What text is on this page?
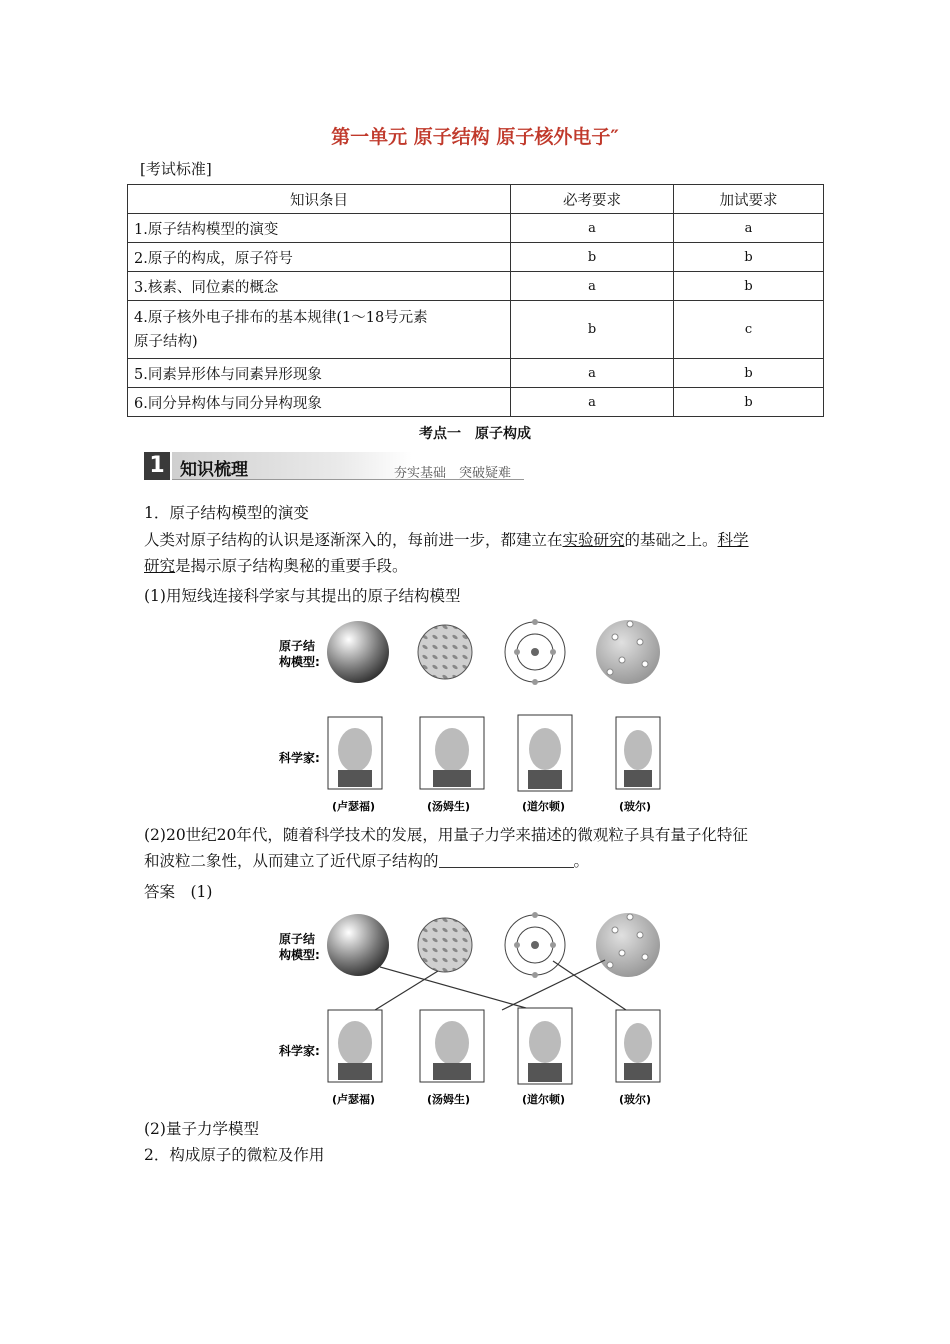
第一单元 原子结构 原子核外电子″
[考试标准]
知识条目	必考要求	加试要求
1.原子结构模型的演变	a	a
2.原子的构成，原子符号	b	b
3.核素、同位素的概念	a	b

4.原子核外电子排布的基本规律(1～18号元素
原子结构)	b	c
5.同素异形体与同素异形现象	a	b
6.同分异构体与同分异构现象	a	b
考点一　原子构成
1 知识梳理	夯实基础　突破疑难
1．原子结构模型的演变
人类对原子结构的认识是逐渐深入的，每前进一步，都建立在实验研究的基础之上。科学
研究是揭示原子结构奥秘的重要手段。
(1)用短线连接科学家与其提出的原子结构模型
原子结
构模型:
科学家:
(卢瑟福)	(汤姆生)	(道尔顿)	(玻尔)
(2)20世纪20年代，随着科学技术的发展，用量子力学来描述的微观粒子具有量子化特征
和波粒二象性，从而建立了近代原子结构的	。
答案　(1)
原子结
构模型:
科学家:
(卢瑟福)	(汤姆生)	(道尔顿)	(玻尔)
(2)量子力学模型
2．构成原子的微粒及作用
